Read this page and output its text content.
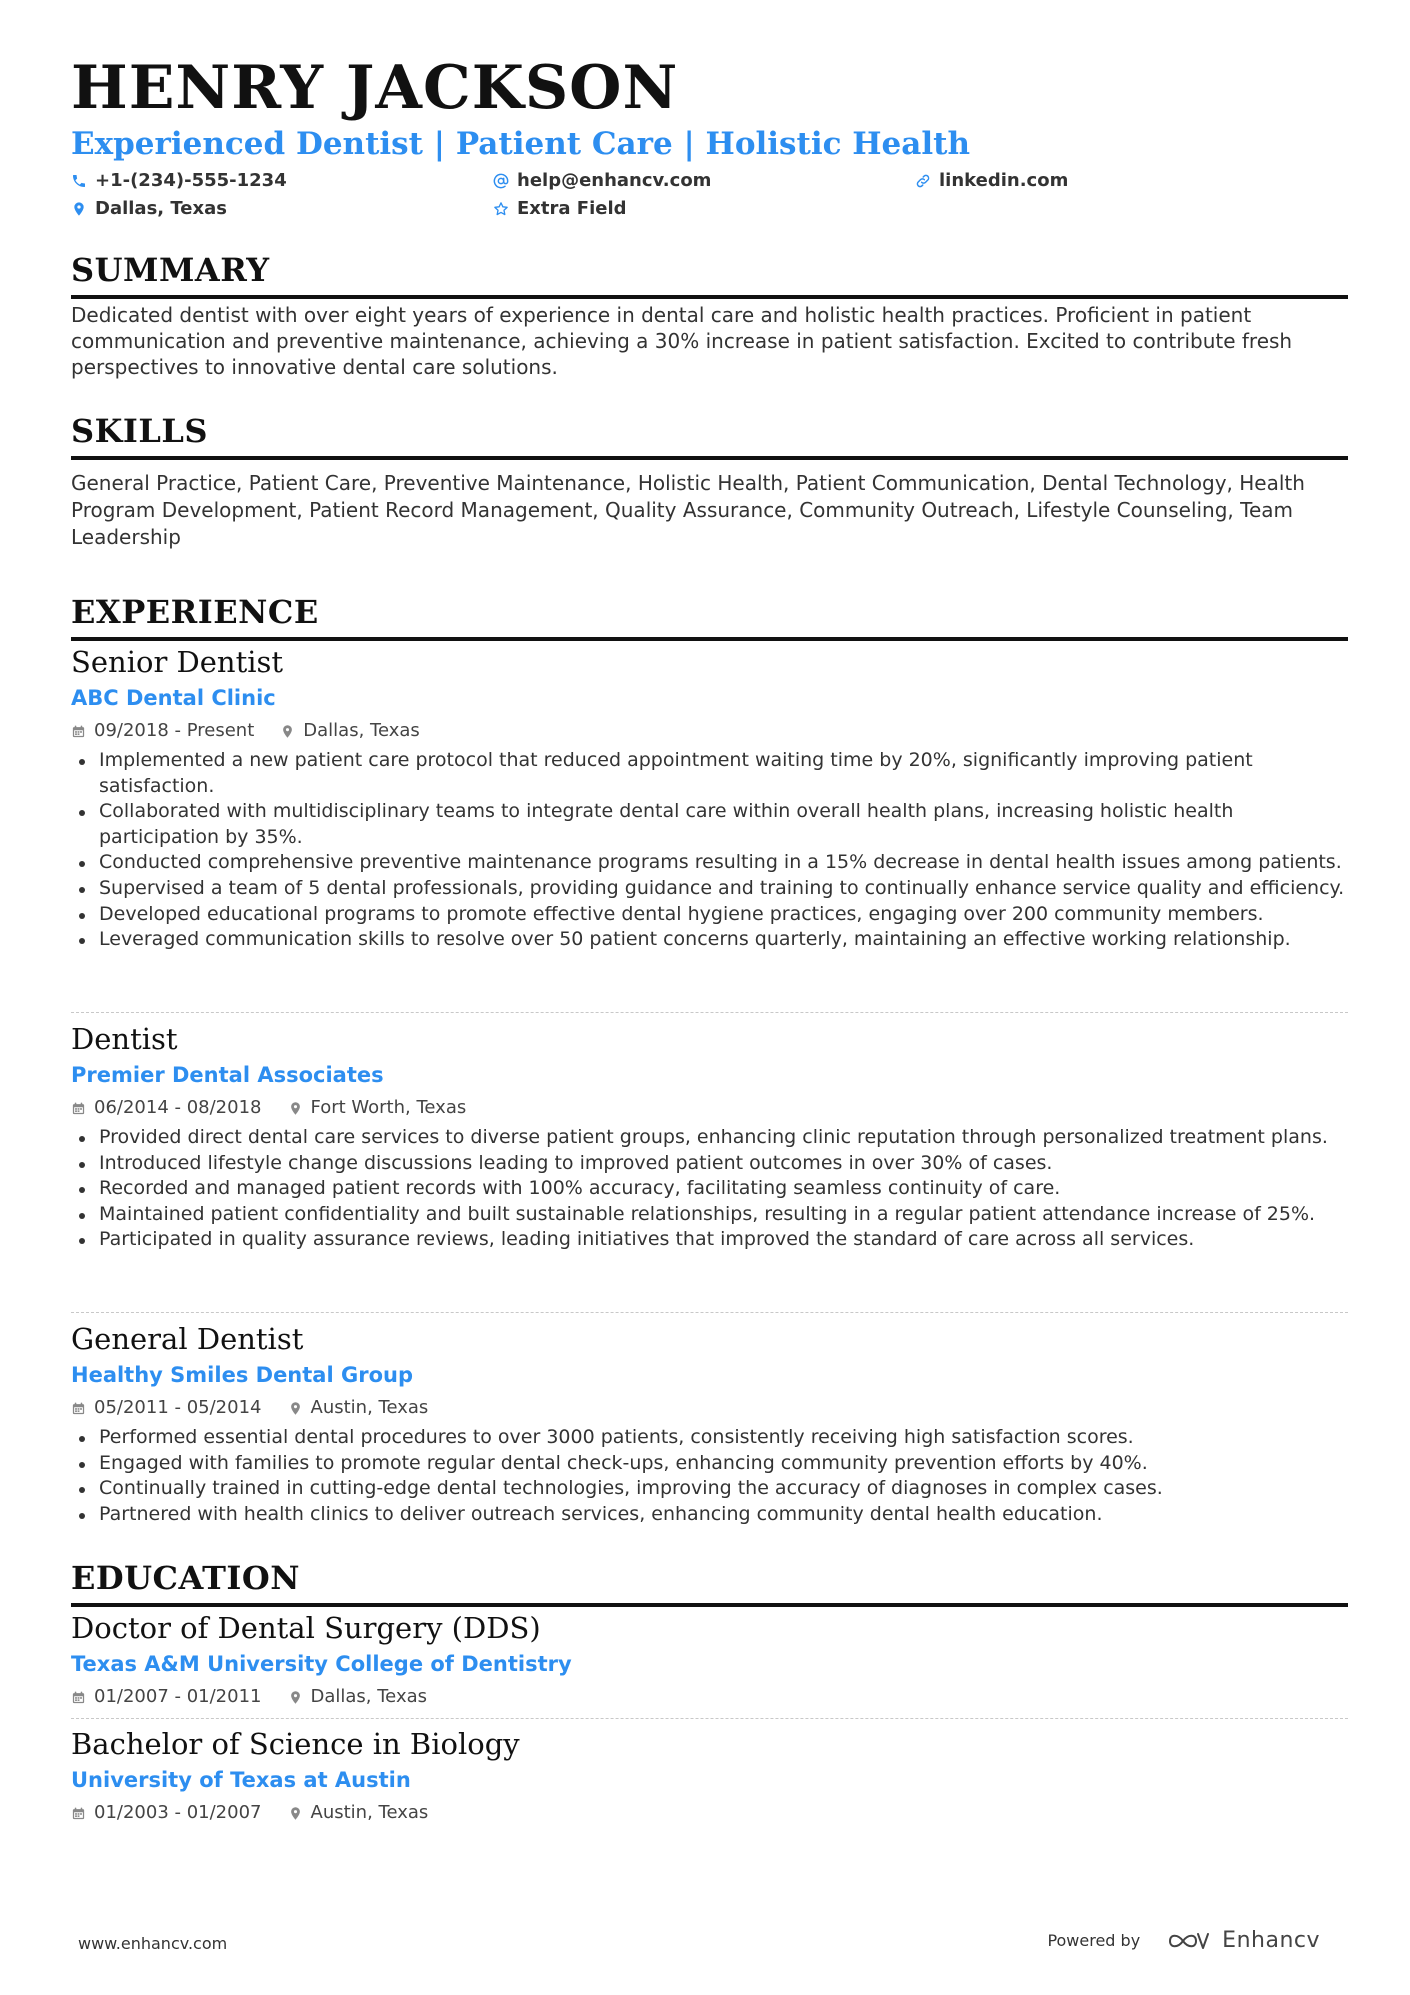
HENRY JACKSON
Experienced Dentist | Patient Care | Holistic Health
+1-(234)-555-1234	help@enhancv.com	linkedin.com
Dallas, Texas	Extra Field
SUMMARY
Dedicated dentist with over eight years of experience in dental care and holistic health practices. Proficient in patient communication and preventive maintenance, achieving a 30% increase in patient satisfaction. Excited to contribute fresh perspectives to innovative dental care solutions.
SKILLS
General Practice, Patient Care, Preventive Maintenance, Holistic Health, Patient Communication, Dental Technology, Health Program Development, Patient Record Management, Quality Assurance, Community Outreach, Lifestyle Counseling, Team Leadership
EXPERIENCE
Senior Dentist
ABC Dental Clinic
09/2018 - Present	Dallas, Texas
Implemented a new patient care protocol that reduced appointment waiting time by 20%, significantly improving patient satisfaction.
Collaborated with multidisciplinary teams to integrate dental care within overall health plans, increasing holistic health participation by 35%.
Conducted comprehensive preventive maintenance programs resulting in a 15% decrease in dental health issues among patients.
Supervised a team of 5 dental professionals, providing guidance and training to continually enhance service quality and efficiency.
Developed educational programs to promote effective dental hygiene practices, engaging over 200 community members.
Leveraged communication skills to resolve over 50 patient concerns quarterly, maintaining an effective working relationship.
Dentist
Premier Dental Associates
06/2014 - 08/2018	Fort Worth, Texas
Provided direct dental care services to diverse patient groups, enhancing clinic reputation through personalized treatment plans.
Introduced lifestyle change discussions leading to improved patient outcomes in over 30% of cases.
Recorded and managed patient records with 100% accuracy, facilitating seamless continuity of care.
Maintained patient confidentiality and built sustainable relationships, resulting in a regular patient attendance increase of 25%.
Participated in quality assurance reviews, leading initiatives that improved the standard of care across all services.
General Dentist
Healthy Smiles Dental Group
05/2011 - 05/2014	Austin, Texas
Performed essential dental procedures to over 3000 patients, consistently receiving high satisfaction scores.
Engaged with families to promote regular dental check-ups, enhancing community prevention efforts by 40%.
Continually trained in cutting-edge dental technologies, improving the accuracy of diagnoses in complex cases.
Partnered with health clinics to deliver outreach services, enhancing community dental health education.
EDUCATION
Doctor of Dental Surgery (DDS)
Texas A&M University College of Dentistry
01/2007 - 01/2011	Dallas, Texas
Bachelor of Science in Biology
University of Texas at Austin
01/2003 - 01/2007	Austin, Texas
www.enhancv.com	Powered by	Enhancv
